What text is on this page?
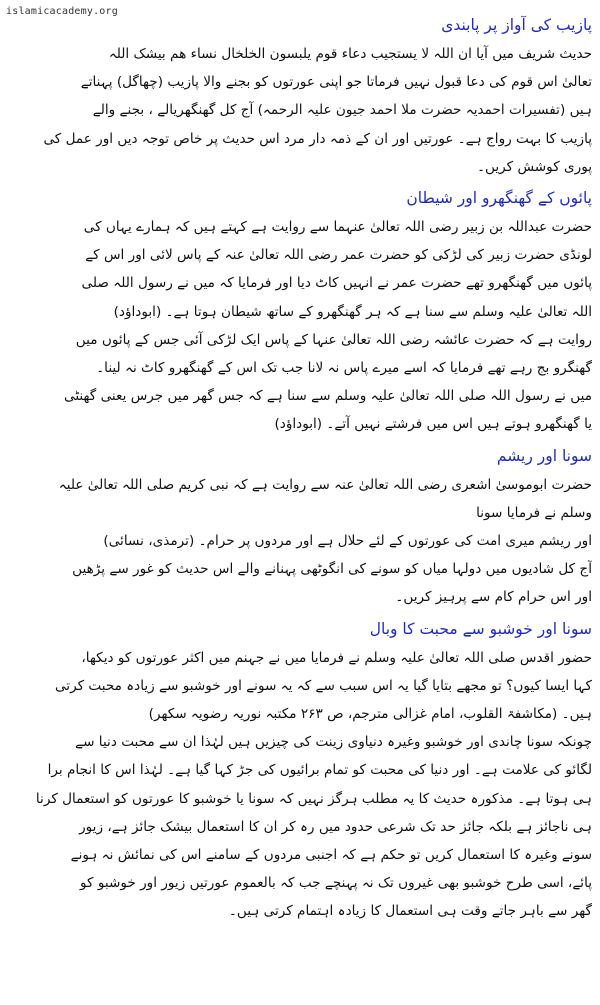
islamicacademy.org
پازیب کی آواز پر پابندی
حدیث شریف میں آیا ان اللہ لا یستجیب دعاء قوم یلبسون الخلخال نساء ھم بیشک اللہ
تعالیٰ اس قوم کی دعا قبول نہیں فرماتا جو اپنی عورتوں کو بجنے والا پازیب (چھاگل) پہناتے
ہیں (تفسیرات احمدیہ حضرت ملا احمد جیون علیہ الرحمہ) آج کل گھنگھریالے ، بجنے والے
پازیب کا بہت رواج ہے۔ عورتیں اور ان کے ذمہ دار مرد اس حدیث پر خاص توجہ دیں اور عمل کی
پوری کوشش کریں۔
پائوں کے گھنگھرو اور شیطان
حضرت عبداللہ بن زبیر رضی اللہ تعالیٰ عنہما سے روایت ہے کہتے ہیں کہ ہمارے یہاں کی
لونڈی حضرت زبیر کی لڑکی کو حضرت عمر رضی اللہ تعالیٰ عنہ کے پاس لائی اور اس کے
پائوں میں گھنگھرو تھے حضرت عمر نے انہیں کاٹ دیا اور فرمایا کہ میں نے رسول اللہ صلی
اللہ تعالیٰ علیہ وسلم سے سنا ہے کہ ہر گھنگھرو کے ساتھ شیطان ہوتا ہے۔ (ابوداؤد)
روایت ہے کہ حضرت عائشہ رضی اللہ تعالیٰ عنہا کے پاس ایک لڑکی آئی جس کے پائوں میں
گھنگرو بج رہے تھے فرمایا کہ اسے میرے پاس نہ لانا جب تک اس کے گھنگھرو کاٹ نہ لینا۔
میں نے رسول اللہ صلی اللہ تعالیٰ علیہ وسلم سے سنا ہے کہ جس گھر میں جرس یعنی گھنٹی
یا گھنگھرو ہوتے ہیں اس میں فرشتے نہیں آتے۔ (ابوداؤد)
سونا اور ریشم
حضرت ابوموسیٰ اشعری رضی اللہ تعالیٰ عنہ سے روایت ہے کہ نبی کریم صلی اللہ تعالیٰ علیہ
وسلم نے فرمایا سونا
اور ریشم میری امت کی عورتوں کے لئے حلال ہے اور مردوں پر حرام۔ (ترمذی، نسائی)
آج کل شادیوں میں دولہا میاں کو سونے کی انگوٹھی پہنانے والے اس حدیث کو غور سے پڑھیں
اور اس حرام کام سے پرہیز کریں۔
سونا اور خوشبو سے محبت کا وبال
حضور اقدس صلی اللہ تعالیٰ علیہ وسلم نے فرمایا میں نے جہنم میں اکثر عورتوں کو دیکھا،
کہا ایسا کیوں؟ تو مجھے بتایا گیا یہ اس سبب سے کہ یہ سونے اور خوشبو سے زیادہ محبت کرتی
ہیں۔ (مکاشفۃ القلوب، امام غزالی مترجم، ص ۲۶۳ مکتبہ نوریہ رضویہ سکھر)
چونکہ سونا چاندی اور خوشبو وغیرہ دنیاوی زینت کی چیزیں ہیں لہٰذا ان سے محبت دنیا سے
لگائو کی علامت ہے۔ اور دنیا کی محبت کو تمام برائیوں کی جڑ کہا گیا ہے۔ لہٰذا اس کا انجام برا
ہی ہوتا ہے۔ مذکورہ حدیث کا یہ مطلب ہرگز نہیں کہ سونا یا خوشبو کا عورتوں کو استعمال کرنا
ہی ناجائز ہے بلکہ جائز حد تک شرعی حدود میں رہ کر ان کا استعمال بیشک جائز ہے، زیور
سونے وغیرہ کا استعمال کریں تو حکم ہے کہ اجنبی مردوں کے سامنے اس کی نمائش نہ ہونے
پائے، اسی طرح خوشبو بھی غیروں تک نہ پہنچے جب کہ بالعموم عورتیں زیور اور خوشبو کو
گھر سے باہر جاتے وقت ہی استعمال کا زیادہ اہتمام کرتی ہیں۔
